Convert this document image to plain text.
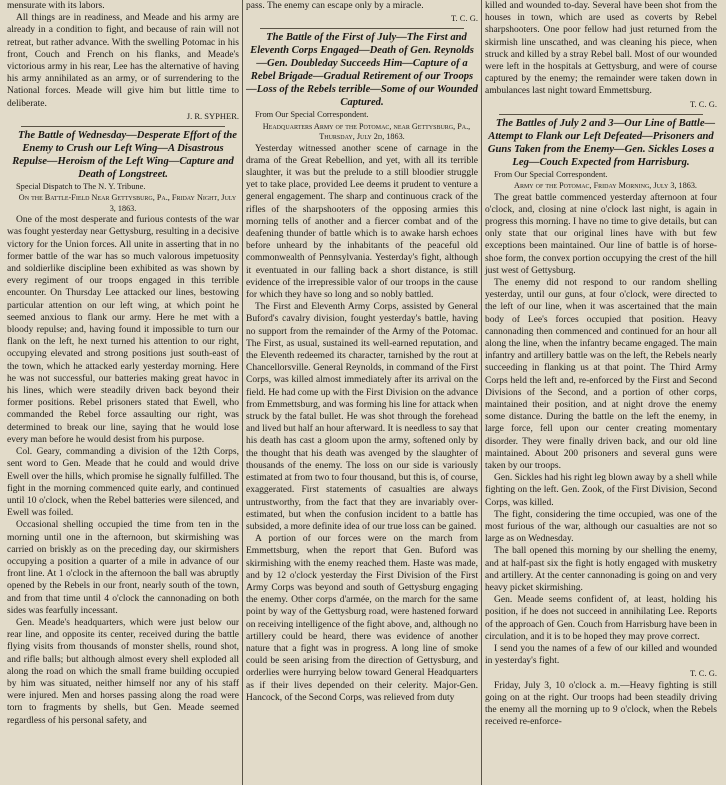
mensurate with its labors.

All things are in readiness, and Meade and his army are already in a condition to fight, and because of rain will not retreat, but rather advance. With the swelling Potomac in his front, Couch and French on his flanks, and Meade's victorious army in his rear, Lee has the alternative of having his army annihilated as an army, or of surrendering to the National forces. Meade will give him but little time to deliberate.

J. R. SYPHER.

The Battle of Wednesday—Desperate Effort of the Enemy to Crush our Left Wing—A Disastrous Repulse—Heroism of the Left Wing—Capture and Death of Longstreet.

Special Dispatch to The N. Y. Tribune.

On the Battle-Field Near Gettysburg, Pa., Friday Night, July 3, 1863.

One of the most desperate and furious contests of the war was fought yesterday near Gettysburg, resulting in a decisive victory for the Union forces. All unite in asserting that in no former battle of the war has so much valorous impetuosity and soldierlike discipline been exhibited as was shown by every regiment of our troops engaged in this terrible encounter. On Thursday Lee attacked our lines, bestowing particular attention on our left wing, at which point he seemed anxious to flank our army. Here he met with a bloody repulse; and, having found it impossible to turn our flank on the left, he next turned his attention to our right, occupying elevated and strong positions just south-east of the town, which he attacked early yesterday morning. Here he was not successful, our batteries making great havoc in his lines, which were steadily driven back beyond their former positions. Rebel prisoners stated that Ewell, who commanded the Rebel force assaulting our right, was determined to break our line, saying that he would lose every man before he would desist from his purpose.

Col. Geary, commanding a division of the 12th Corps, sent word to Gen. Meade that he could and would drive Ewell over the hills, which promise he signally fulfilled. The fight in the morning commenced quite early, and continued until 10 o'clock, when the Rebel batteries were silenced, and Ewell was foiled.

Occasional shelling occupied the time from ten in the morning until one in the afternoon, but skirmishing was carried on briskly as on the preceding day, our skirmishers occupying a position a quarter of a mile in advance of our front line. At 1 o'clock in the afternoon the ball was abruptly opened by the Rebels in our front, nearly south of the town, and from that time until 4 o'clock the cannonading on both sides was fearfully incessant.

Gen. Meade's headquarters, which were just below our rear line, and opposite its center, received during the battle flying visits from thousands of monster shells, round shot, and rifle balls; but although almost every shell exploded all along the road on which the small frame building occupied by him was situated, neither himself nor any of his staff were injured. Men and horses passing along the road were torn to fragments by shells, but Gen. Meade seemed regardless of his personal safety, and

pass. The enemy can escape only by a miracle.

T. C. G.

The Battle of the First of July—The First and Eleventh Corps Engaged—Death of Gen. Reynolds—Gen. Doubleday Succeeds Him—Capture of a Rebel Brigade—Gradual Retirement of our Troops—Loss of the Rebels terrible—Some of our Wounded Captured.

From Our Special Correspondent.

Headquarters Army of the Potomac, near Gettysburg, Pa., Thursday, July 2d, 1863.

Yesterday witnessed another scene of carnage in the drama of the Great Rebellion, and yet, with all its terrible slaughter, it was but the prelude to a still bloodier struggle yet to take place, provided Lee deems it prudent to venture a general engagement. The sharp and continuous crack of the rifles of the sharpshooters of the opposing armies this morning tells of another and a fiercer combat and of the deafening thunder of battle which is to awake harsh echoes before unheard by the inhabitants of the peaceful old commonwealth of Pennsylvania. Yesterday's fight, although it eventuated in our falling back a short distance, is still evidence of the irrepressible valor of our troops in the cause for which they have so long and so nobly battled.

The First and Eleventh Army Corps, assisted by General Buford's cavalry division, fought yesterday's battle, having no support from the remainder of the Army of the Potomac. The First, as usual, sustained its well-earned reputation, and the Eleventh redeemed its character, tarnished by the rout at Chancellorsville. General Reynolds, in command of the First Corps, was killed almost immediately after its arrival on the field. He had come up with the First Division on the advance from Emmettsburg, and was forming his line for attack when struck by the fatal bullet. He was shot through the forehead and lived but half an hour afterward. It is needless to say that his death has cast a gloom upon the army, softened only by the thought that his death was avenged by the slaughter of thousands of the enemy. The loss on our side is variously estimated at from two to four thousand, but this is, of course, exaggerated. First statements of casualties are always untrustworthy, from the fact that they are invariably over-estimated, but when the confusion incident to a battle has subsided, a more definite idea of our true loss can be gained.

A portion of our forces were on the march from Emmettsburg, when the report that Gen. Buford was skirmishing with the enemy reached them. Haste was made, and by 12 o'clock yesterday the First Division of the First Army Corps was beyond and south of Gettysburg engaging the enemy. Other corps d'armée, on the march for the same point by way of the Gettysburg road, were hastened forward on receiving intelligence of the fight above, and, although no artillery could be heard, there was evidence of another nature that a fight was in progress. A long line of smoke could be seen arising from the direction of Gettysburg, and orderlies were hurrying below toward General Headquarters as if their lives depended on their celerity. Major-Gen. Hancock, of the Second Corps, was relieved from duty

killed and wounded to-day. Several have been shot from the houses in town, which are used as coverts by Rebel sharpshooters. One poor fellow had just returned from the skirmish line unscathed, and was cleaning his piece, when struck and killed by a stray Rebel ball. Most of our wounded were left in the hospitals at Gettysburg, and were of course captured by the enemy; the remainder were taken down in ambulances last night toward Emmettsburg.

T. C. G.

The Battles of July 2 and 3—Our Line of Battle—Attempt to Flank our Left Defeated—Prisoners and Guns Taken from the Enemy—Gen. Sickles Loses a Leg—Couch Expected from Harrisburg.

From Our Special Correspondent.

Army of the Potomac, Friday Morning, July 3, 1863.

The great battle commenced yesterday afternoon at four o'clock, and, closing at nine o'clock last night, is again in progress this morning. I have no time to give details, but can only state that our original lines have with but few exceptions been maintained. Our line of battle is of horse-shoe form, the convex portion occupying the crest of the hill just west of Gettysburg.

The enemy did not respond to our random shelling yesterday, until our guns, at four o'clock, were directed to the left of our line, when it was ascertained that the main body of Lee's forces occupied that position. Heavy cannonading then commenced and continued for an hour all along the line, when the infantry became engaged. The main infantry and artillery battle was on the left, the Rebels nearly succeeding in flanking us at that point. The Third Army Corps held the left and, re-enforced by the First and Second Divisions of the Second, and a portion of other corps, maintained their position, and at night drove the enemy some distance. During the battle on the left the enemy, in large force, fell upon our center creating momentary disorder. They were finally driven back, and our old line maintained. About 200 prisoners and several guns were taken by our troops.

Gen. Sickles had his right leg blown away by a shell while fighting on the left. Gen. Zook, of the First Division, Second Corps, was killed.

The fight, considering the time occupied, was one of the most furious of the war, although our casualties are not so large as on Wednesday.

The ball opened this morning by our shelling the enemy, and at half-past six the fight is hotly engaged with musketry and artillery. At the center cannonading is going on and very heavy picket skirmishing.

Gen. Meade seems confident of, at least, holding his position, if he does not succeed in annihilating Lee. Reports of the approach of Gen. Couch from Harrisburg have been in circulation, and it is to be hoped they may prove correct.

I send you the names of a few of our killed and wounded in yesterday's fight.

T. C. G.

Friday, July 3, 10 o'clock a. m.—Heavy fighting is still going on at the right. Our troops had been steadily driving the enemy all the morning up to 9 o'clock, when the Rebels received re-enforce-
